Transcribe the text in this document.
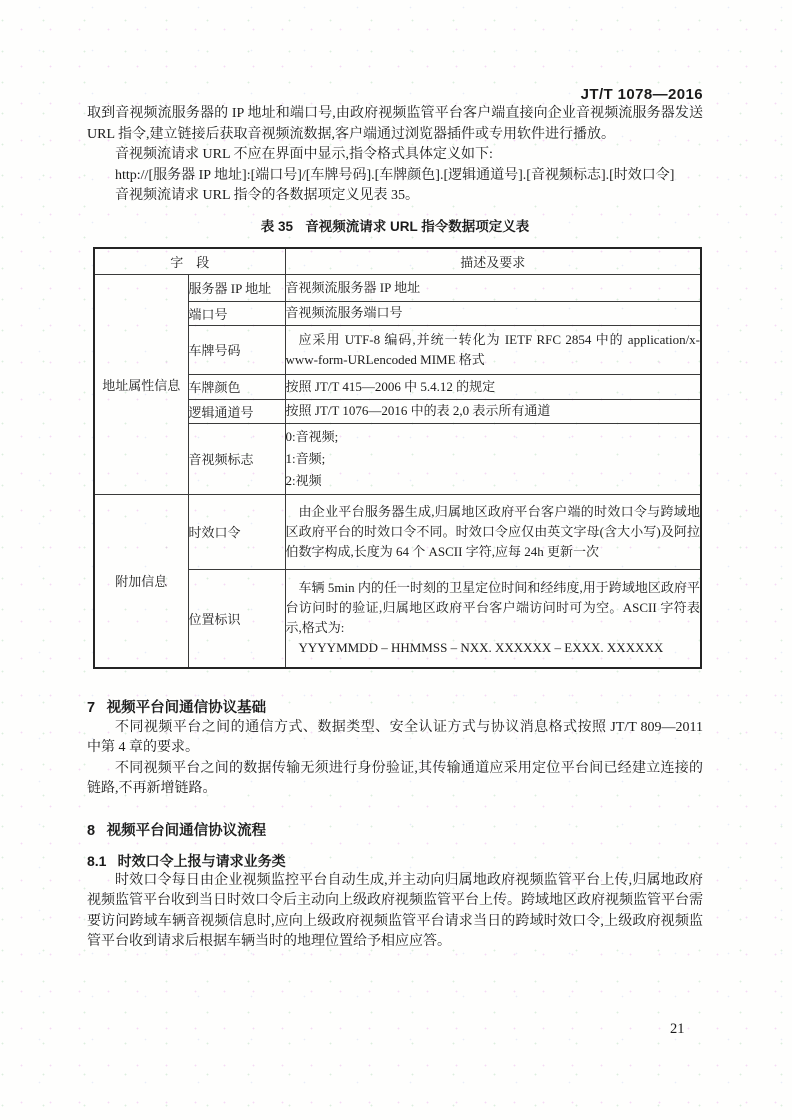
JT/T 1078—2016

取到音视频流服务器的 IP 地址和端口号,由政府视频监管平台客户端直接向企业音视频流服务器发送 URL 指令,建立链接后获取音视频流数据,客户端通过浏览器插件或专用软件进行播放。

音视频流请求 URL 不应在界面中显示,指令格式具体定义如下:

http://[服务器 IP 地址]:[端口号]/[车牌号码].[车牌颜色].[逻辑通道号].[音视频标志].[时效口令]

音视频流请求 URL 指令的各数据项定义见表 35。

表 35 音视频流请求 URL 指令数据项定义表
字　段		描述及要求
地址属性信息	服务器 IP 地址	音视频流服务器 IP 地址
	端口号	音视频流服务端口号
	车牌号码	应采用 UTF-8 编码,并统一转化为 IETF RFC 2854 中的 application/x-www-form-URLencoded MIME 格式

	车牌颜色	按照 JT/T 415—2006 中 5.4.12 的规定
	逻辑通道号	按照 JT/T 1076—2016 中的表 2,0 表示所有通道
	音视频标志	0:音视频;
1:音频;
2:视频

附加信息	时效口令	由企业平台服务器生成,归属地区政府平台客户端的时效口令与跨域地区政府平台的时效口令不同。时效口令应仅由英文字母(含大小写)及阿拉伯数字构成,长度为 64 个 ASCII 字符,应每 24h 更新一次

	位置标识	车辆 5min 内的任一时刻的卫星定位时间和经纬度,用于跨域地区政府平台访问时的验证,归属地区政府平台客户端访问时可为空。ASCII 字符表示,格式为:
YYYYMMDD – HHMMSS – NXX. XXXXXX – EXXX. XXXXXX
7 视频平台间通信协议基础

不同视频平台之间的通信方式、数据类型、安全认证方式与协议消息格式按照 JT/T 809—2011 中第 4 章的要求。

不同视频平台之间的数据传输无须进行身份验证,其传输通道应采用定位平台间已经建立连接的链路,不再新增链路。

8 视频平台间通信协议流程
8.1 时效口令上报与请求业务类

时效口令每日由企业视频监控平台自动生成,并主动向归属地政府视频监管平台上传,归属地政府视频监管平台收到当日时效口令后主动向上级政府视频监管平台上传。跨域地区政府视频监管平台需要访问跨域车辆音视频信息时,应向上级政府视频监管平台请求当日的跨域时效口令,上级政府视频监管平台收到请求后根据车辆当时的地理位置给予相应应答。

21
